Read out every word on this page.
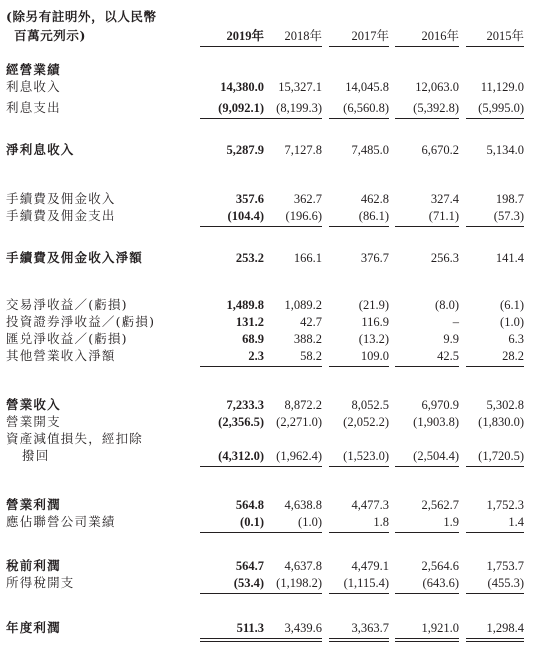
(除另有註明外，以人民幣
百萬元列示)	2019年 2018年 2017年	2016年 2015年
經營業績
利息收入	14,380.0 15,327.1 14,045.8 12,063.0 11,129.0
利息支出	(9,092.1) (8,199.3) (6,560.8) (5,392.8) (5,995.0)
淨利息收入	5,287.9 7,127.8 7,485.0	6,670.2 5,134.0
手續費及佣金收入	357.6 362.7	462.8	327.4	198.7
手續費及佣金支出	(104.4) (196.6)	(86.1)	(71.1)	(57.3)
手續費及佣金收入淨額	253.2 166.1	376.7	256.3	141.4
交易淨收益／(虧損)	1,489.8 1,089.2	(21.9)	(8.0)	(6.1)
投資證券淨收益／(虧損)	131.2	42.7	116.9	–	(1.0)
匯兑淨收益／(虧損)	68.9 388.2	(13.2)	9.9	6.3
其他營業收入淨額	2.3	58.2	109.0	42.5	28.2
營業收入	7,233.3 8,872.2 8,052.5	6,970.9 5,302.8
營業開支	(2,356.5) (2,271.0) (2,052.2) (1,903.8) (1,830.0)
資產減值損失，經扣除
撥回	(4,312.0) (1,962.4) (1,523.0) (2,504.4) (1,720.5)
營業利潤	564.8 4,638.8 4,477.3	2,562.7 1,752.3
應佔聯營公司業績	(0.1)	(1.0)	1.8	1.9	1.4
稅前利潤	564.7 4,637.8 4,479.1	2,564.6 1,753.7
所得稅開支	(53.4) (1,198.2) (1,115.4)	(643.6) (455.3)
年度利潤	511.3 3,439.6 3,363.7	1,921.0 1,298.4
